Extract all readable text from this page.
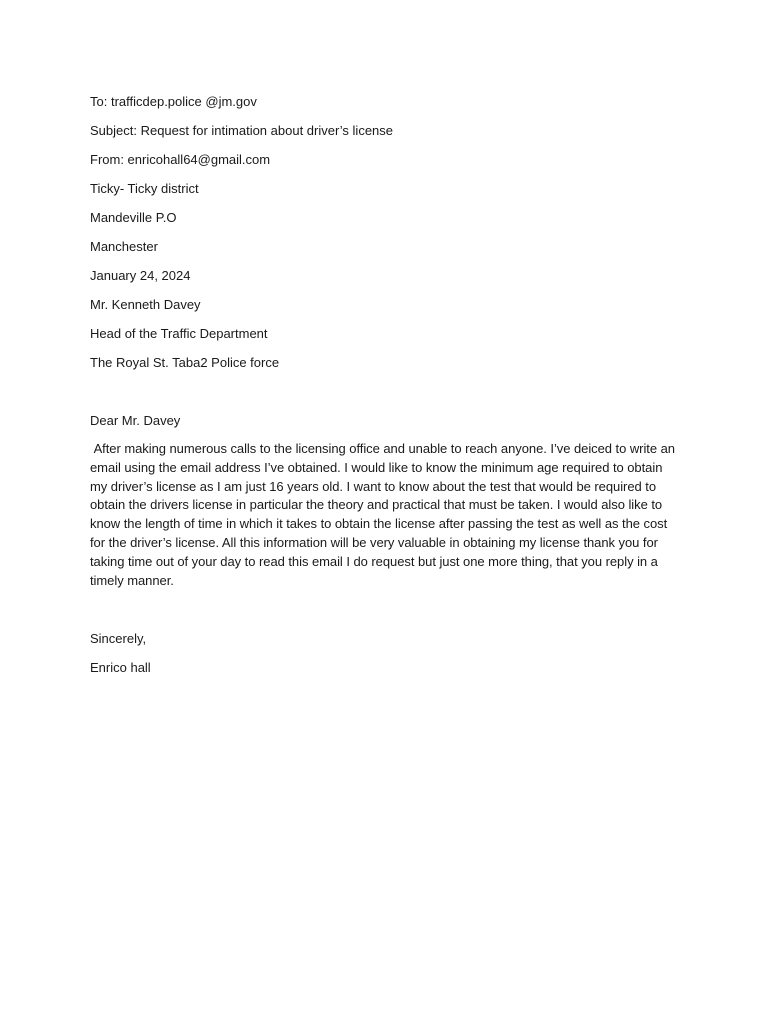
To: trafficdep.police @jm.gov
Subject: Request for intimation about driver’s license
From: enricohall64@gmail.com
Ticky- Ticky district
Mandeville P.O
Manchester
January 24, 2024
Mr. Kenneth Davey
Head of the Traffic Department
The Royal St. Taba2 Police force
Dear Mr. Davey

After making numerous calls to the licensing office and unable to reach anyone. I’ve deiced to write an email using the email address I’ve obtained. I would like to know the minimum age required to obtain my driver’s license as I am just 16 years old. I want to know about the test that would be required to obtain the drivers license in particular the theory and practical that must be taken. I would also like to know the length of time in which it takes to obtain the license after passing the test as well as the cost for the driver’s license. All this information will be very valuable in obtaining my license thank you for taking time out of your day to read this email I do request but just one more thing, that you reply in a timely manner.

Sincerely,
Enrico hall
